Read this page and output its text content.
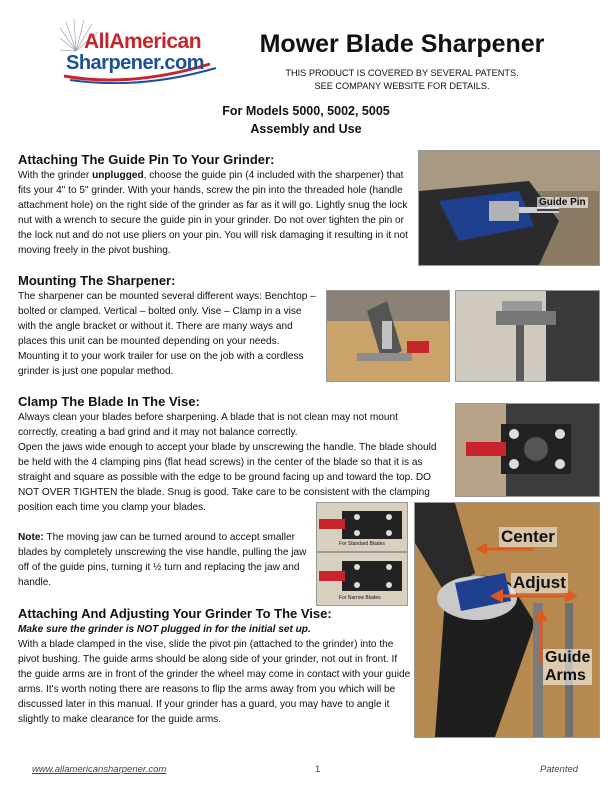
AllAmerican
Sharpener.com
Mower Blade Sharpener
THIS PRODUCT IS COVERED BY SEVERAL PATENTS.
SEE COMPANY WEBSITE FOR DETAILS.
For Models 5000, 5002, 5005
Assembly and Use
Attaching The Guide Pin To Your Grinder:

With the grinder unplugged, choose the guide pin (4 included with the sharpener) that fits your 4" to 5" grinder. With your hands, screw the pin into the threaded hole (handle attachment hole) on the right side of the grinder as far as it will go. Lightly snug the lock nut with a wrench to secure the guide pin in your grinder. Do not over tighten the pin or the lock nut and do not use pliers on your pin. You will risk damaging it resulting in it not moving freely in the pivot bushing.

Guide Pin
Mounting The Sharpener:

The sharpener can be mounted several different ways: Benchtop – bolted or clamped. Vertical – bolted only. Vise – Clamp in a vise with the angle bracket or without it. There are many ways and places this unit can be mounted depending on your needs. Mounting it to your work trailer for use on the job with a cordless grinder is just one popular method.

Clamp The Blade In The Vise:

Always clean your blades before sharpening. A blade that is not clean may not mount correctly, creating a bad grind and it may not balance correctly.

Open the jaws wide enough to accept your blade by unscrewing the handle. The blade should be held with the 4 clamping pins (flat head screws) in the center of the blade so that it is as straight and square as possible with the edge to be ground facing up and toward the top. DO NOT OVER TIGHTEN the blade. Snug is good. Take care to be consistent with the clamping position each time you clamp your blades.

Note: The moving jaw can be turned around to accept smaller blades by completely unscrewing the vise handle, pulling the jaw off of the guide pins, turning it ½ turn and replacing the jaw and handle.

For Standard Blades
For Narrow Blades
Center
Adjust
Guide
Arms
Attaching And Adjusting Your Grinder To The Vise:

Make sure the grinder is NOT plugged in for the initial set up.

With a blade clamped in the vise, slide the pivot pin (attached to the grinder) into the pivot bushing. The guide arms should be along side of your grinder, not out in front. If the guide arms are in front of the grinder the wheel may come in contact with your guide arms. It's worth noting there are reasons to flip the arms away from you which will be discussed later in this manual. If your grinder has a guard, you may have to angle it slightly to make clearance for the guide arms.

www.allamericansharpener.com	1	Patented
